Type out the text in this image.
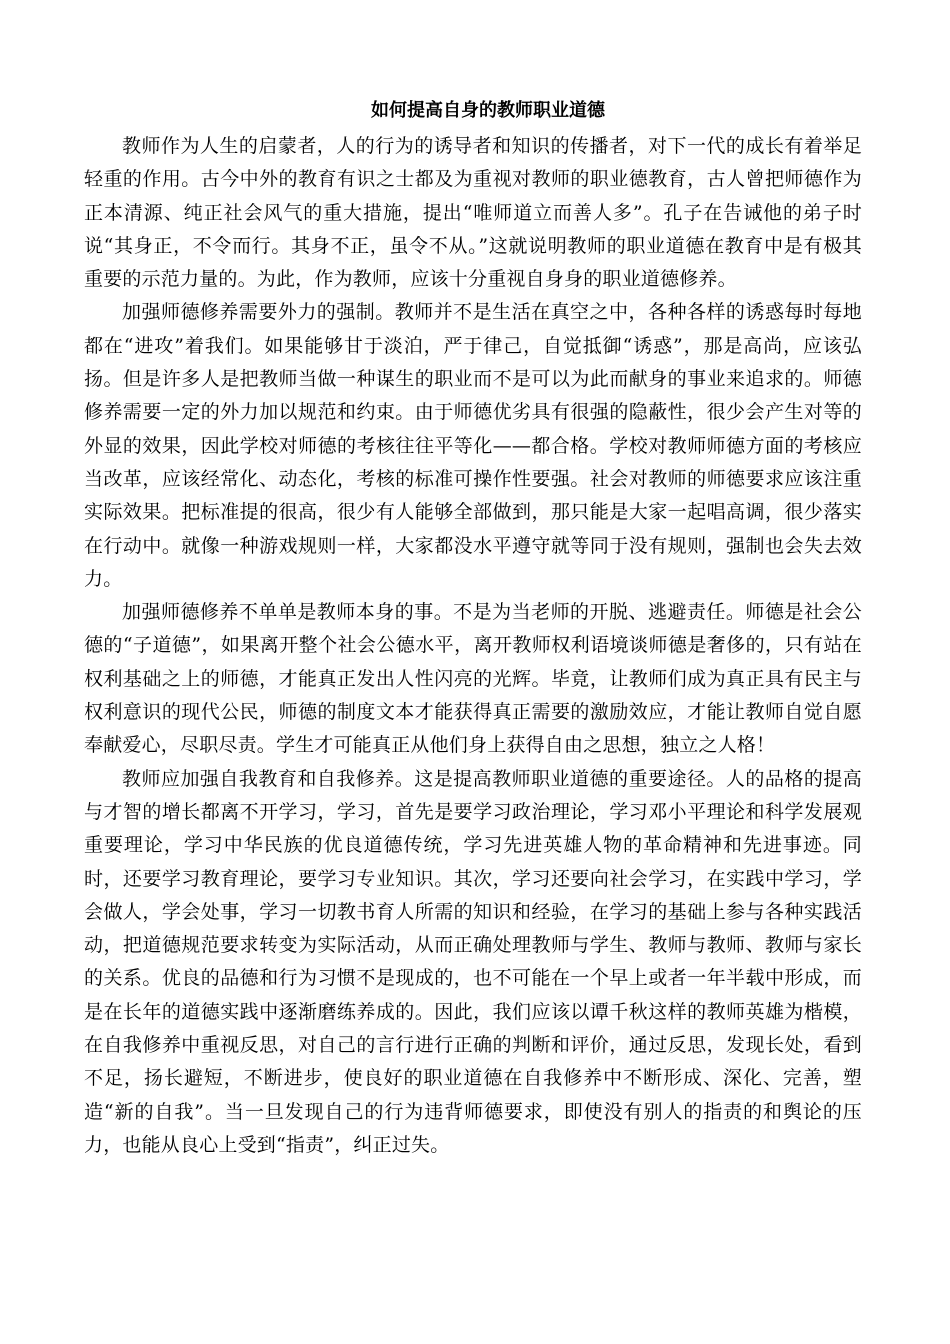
如何提高自身的教师职业道德

教师作为人生的启蒙者，人的行为的诱导者和知识的传播者，对下一代的成长有着举足轻重的作用。古今中外的教育有识之士都及为重视对教师的职业德教育，古人曾把师德作为正本清源、纯正社会风气的重大措施，提出“唯师道立而善人多”。孔子在告诫他的弟子时说“其身正，不令而行。其身不正，虽令不从。”这就说明教师的职业道德在教育中是有极其重要的示范力量的。为此，作为教师，应该十分重视自身身的职业道德修养。

加强师德修养需要外力的强制。教师并不是生活在真空之中，各种各样的诱惑每时每地都在“进攻”着我们。如果能够甘于淡泊，严于律己，自觉抵御“诱惑”，那是高尚，应该弘扬。但是许多人是把教师当做一种谋生的职业而不是可以为此而献身的事业来追求的。师德修养需要一定的外力加以规范和约束。由于师德优劣具有很强的隐蔽性，很少会产生对等的外显的效果，因此学校对师德的考核往往平等化——都合格。学校对教师师德方面的考核应当改革，应该经常化、动态化，考核的标准可操作性要强。社会对教师的师德要求应该注重实际效果。把标准提的很高，很少有人能够全部做到，那只能是大家一起唱高调，很少落实在行动中。就像一种游戏规则一样，大家都没水平遵守就等同于没有规则，强制也会失去效力。

加强师德修养不单单是教师本身的事。不是为当老师的开脱、逃避责任。师德是社会公德的“子道德”，如果离开整个社会公德水平，离开教师权利语境谈师德是奢侈的，只有站在权利基础之上的师德，才能真正发出人性闪亮的光辉。毕竟，让教师们成为真正具有民主与权利意识的现代公民，师德的制度文本才能获得真正需要的激励效应，才能让教师自觉自愿奉献爱心，尽职尽责。学生才可能真正从他们身上获得自由之思想，独立之人格！

教师应加强自我教育和自我修养。这是提高教师职业道德的重要途径。人的品格的提高与才智的增长都离不开学习，学习，首先是要学习政治理论，学习邓小平理论和科学发展观重要理论，学习中华民族的优良道德传统，学习先进英雄人物的革命精神和先进事迹。同时，还要学习教育理论，要学习专业知识。其次，学习还要向社会学习，在实践中学习，学会做人，学会处事，学习一切教书育人所需的知识和经验，在学习的基础上参与各种实践活动，把道德规范要求转变为实际活动，从而正确处理教师与学生、教师与教师、教师与家长的关系。优良的品德和行为习惯不是现成的，也不可能在一个早上或者一年半载中形成，而是在长年的道德实践中逐渐磨练养成的。因此，我们应该以谭千秋这样的教师英雄为楷模，在自我修养中重视反思，对自己的言行进行正确的判断和评价，通过反思，发现长处，看到不足，扬长避短，不断进步，使良好的职业道德在自我修养中不断形成、深化、完善，塑造“新的自我”。当一旦发现自己的行为违背师德要求，即使没有别人的指责的和舆论的压力，也能从良心上受到“指责”，纠正过失。
